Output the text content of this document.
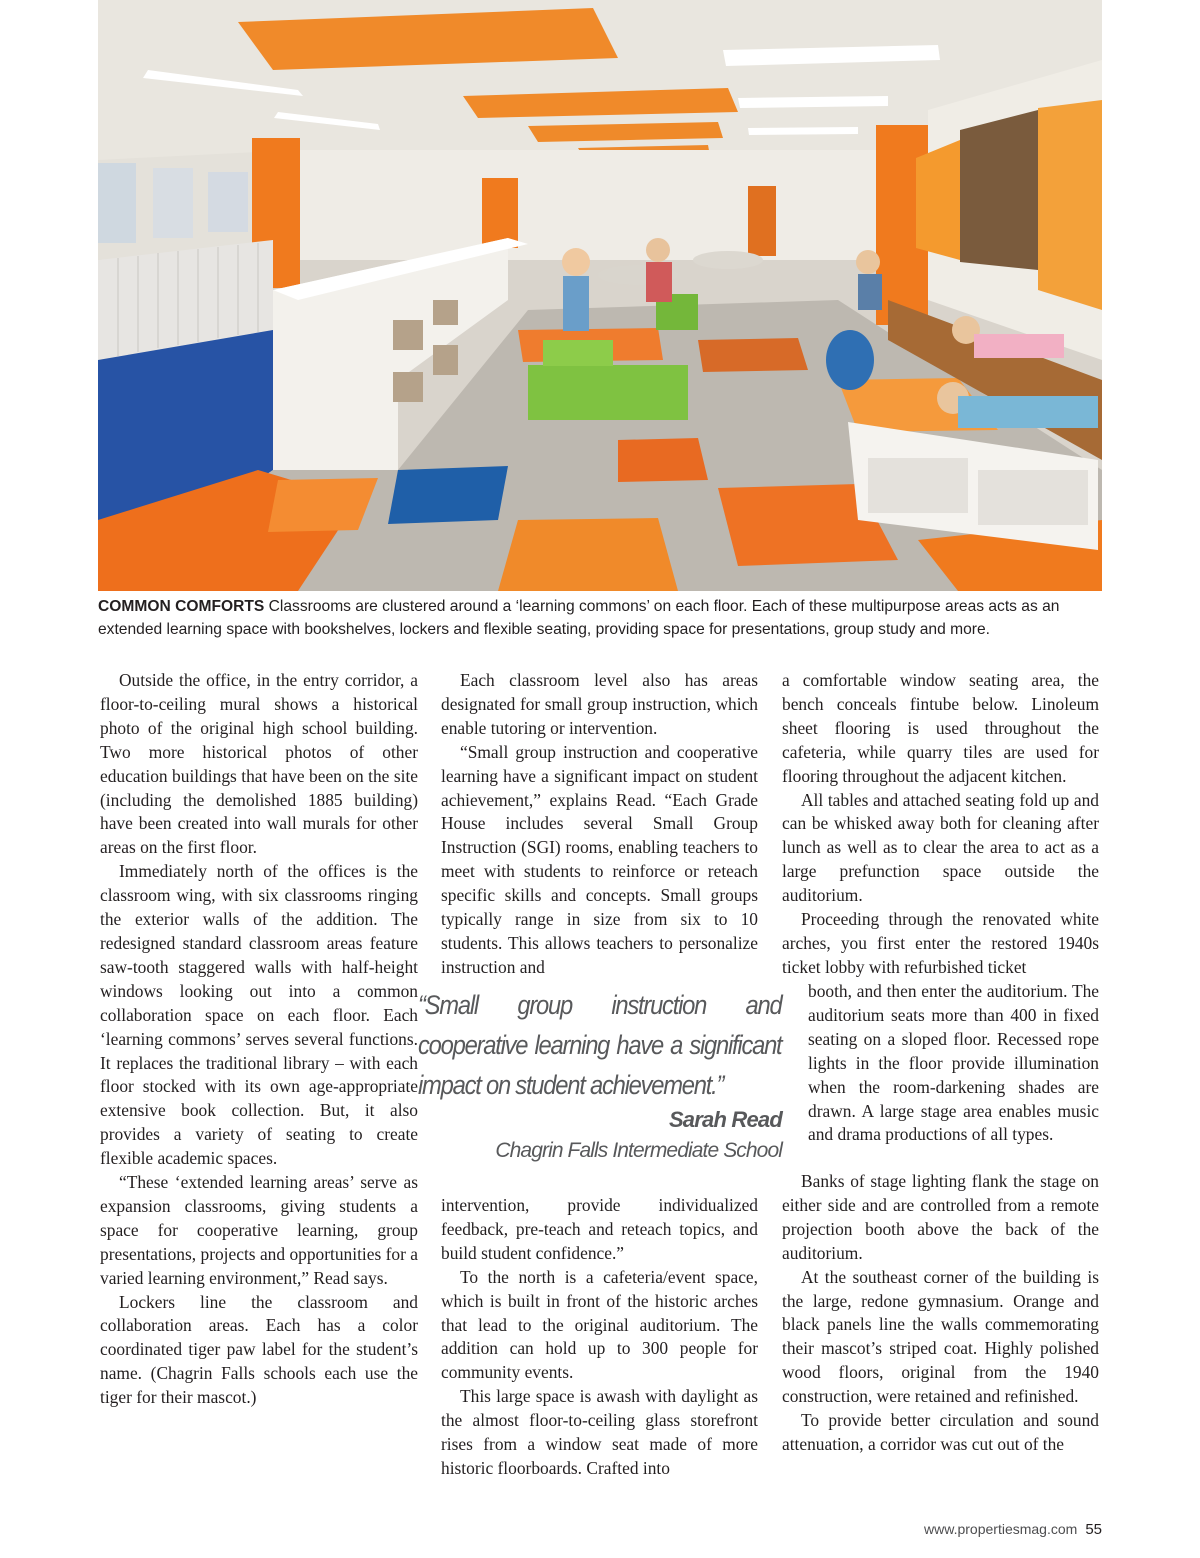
COMMON COMFORTS Classrooms are clustered around a ‘learning commons’ on each floor. Each of these multipurpose areas acts as an extended learning space with bookshelves, lockers and flexible seating, providing space for presentations, group study and more.

Outside the office, in the entry corridor, a floor-to-ceiling mural shows a historical photo of the original high school building. Two more historical photos of other education buildings that have been on the site (including the demolished 1885 building) have been created into wall murals for other areas on the first floor.

Immediately north of the offices is the classroom wing, with six classrooms ringing the exterior walls of the addition. The redesigned standard classroom areas feature saw-tooth staggered walls with half-height windows looking out into a common collaboration space on each floor. Each ‘learning commons’ serves several functions. It replaces the traditional library – with each floor stocked with its own age-appropriate extensive book collection. But, it also provides a variety of seating to create flexible academic spaces.

“These ‘extended learning areas’ serve as expansion classrooms, giving students a space for cooperative learning, group presentations, projects and opportunities for a varied learning environment,” Read says.

Lockers line the classroom and collaboration areas. Each has a color coordinated tiger paw label for the student’s name. (Chagrin Falls schools each use the tiger for their mascot.)

Each classroom level also has areas designated for small group instruction, which enable tutoring or intervention.

“Small group instruction and cooperative learning have a significant impact on student achievement,” explains Read. “Each Grade House includes several Small Group Instruction (SGI) rooms, enabling teachers to meet with students to reinforce or reteach specific skills and concepts. Small groups typically range in size from six to 10 students. This allows teachers to personalize instruction and

“Small group instruction and cooperative learning have a significant impact on student achievement.”
Sarah Read
Chagrin Falls Intermediate School

intervention, provide individualized feedback, pre-teach and reteach topics, and build student confidence.”

To the north is a cafeteria/event space, which is built in front of the historic arches that lead to the original auditorium. The addition can hold up to 300 people for community events.

This large space is awash with daylight as the almost floor-to-ceiling glass storefront rises from a window seat made of more historic floorboards. Crafted into

a comfortable window seating area, the bench conceals fintube below. Linoleum sheet flooring is used throughout the cafeteria, while quarry tiles are used for flooring throughout the adjacent kitchen.

All tables and attached seating fold up and can be whisked away both for cleaning after lunch as well as to clear the area to act as a large prefunction space outside the auditorium.

Proceeding through the renovated white arches, you first enter the restored 1940s ticket lobby with refurbished ticket

booth, and then enter the auditorium. The auditorium seats more than 400 in fixed seating on a sloped floor. Recessed rope lights in the floor provide illumination when the room-darkening shades are drawn. A large stage area enables music and drama productions of all types.

Banks of stage lighting flank the stage on either side and are controlled from a remote projection booth above the back of the auditorium.

At the southeast corner of the building is the large, redone gymnasium. Orange and black panels line the walls commemorating their mascot’s striped coat. Highly polished wood floors, original from the 1940 construction, were retained and refinished.

To provide better circulation and sound attenuation, a corridor was cut out of the

www.propertiesmag.com 55
